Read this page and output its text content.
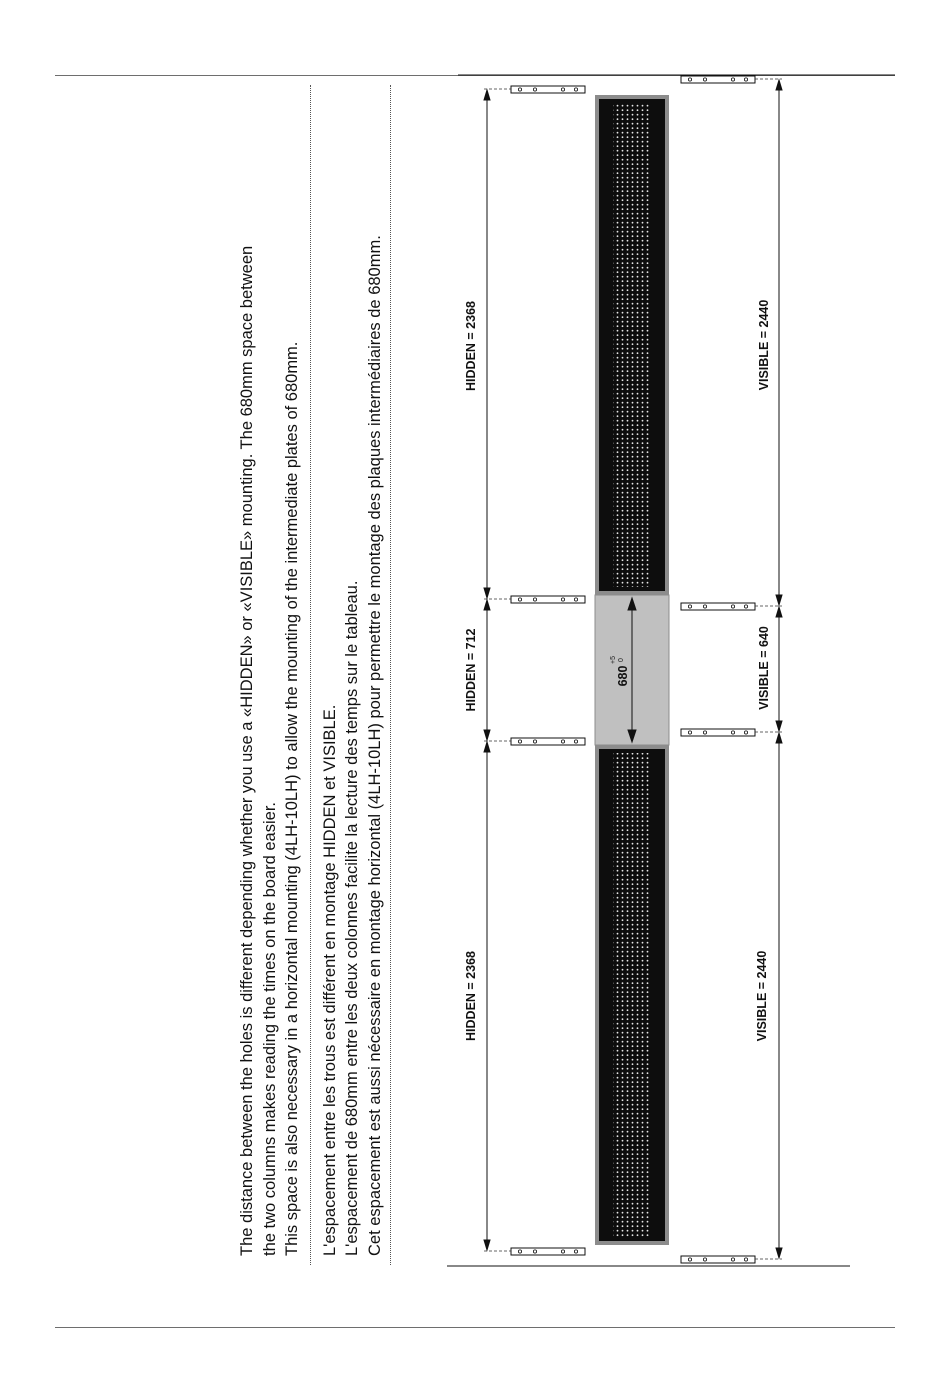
The distance between the holes is different depending whether you use a «HIDDEN» or «VISIBLE» mounting. The 680mm space between the two columns makes reading the times on the board easier. This space is also necessary in a horizontal mounting (4LH-10LH) to allow the mounting of the intermediate plates of 680mm. L'espacement entre les trous est différent en montage HIDDEN et VISIBLE. L'espacement de 680mm entre les deux colonnes facilite la lecture des temps sur le tableau. Cet espacement est aussi nécessaire en montage horizontal (4LH-10LH) pour permettre le montage des plaques intermédiaires de 680mm.	HIDDEN = 2368
HIDDEN = 712
HIDDEN = 2368
VISIBLE = 2440
VISIBLE = 640
VISIBLE = 2440
680
+5 0
